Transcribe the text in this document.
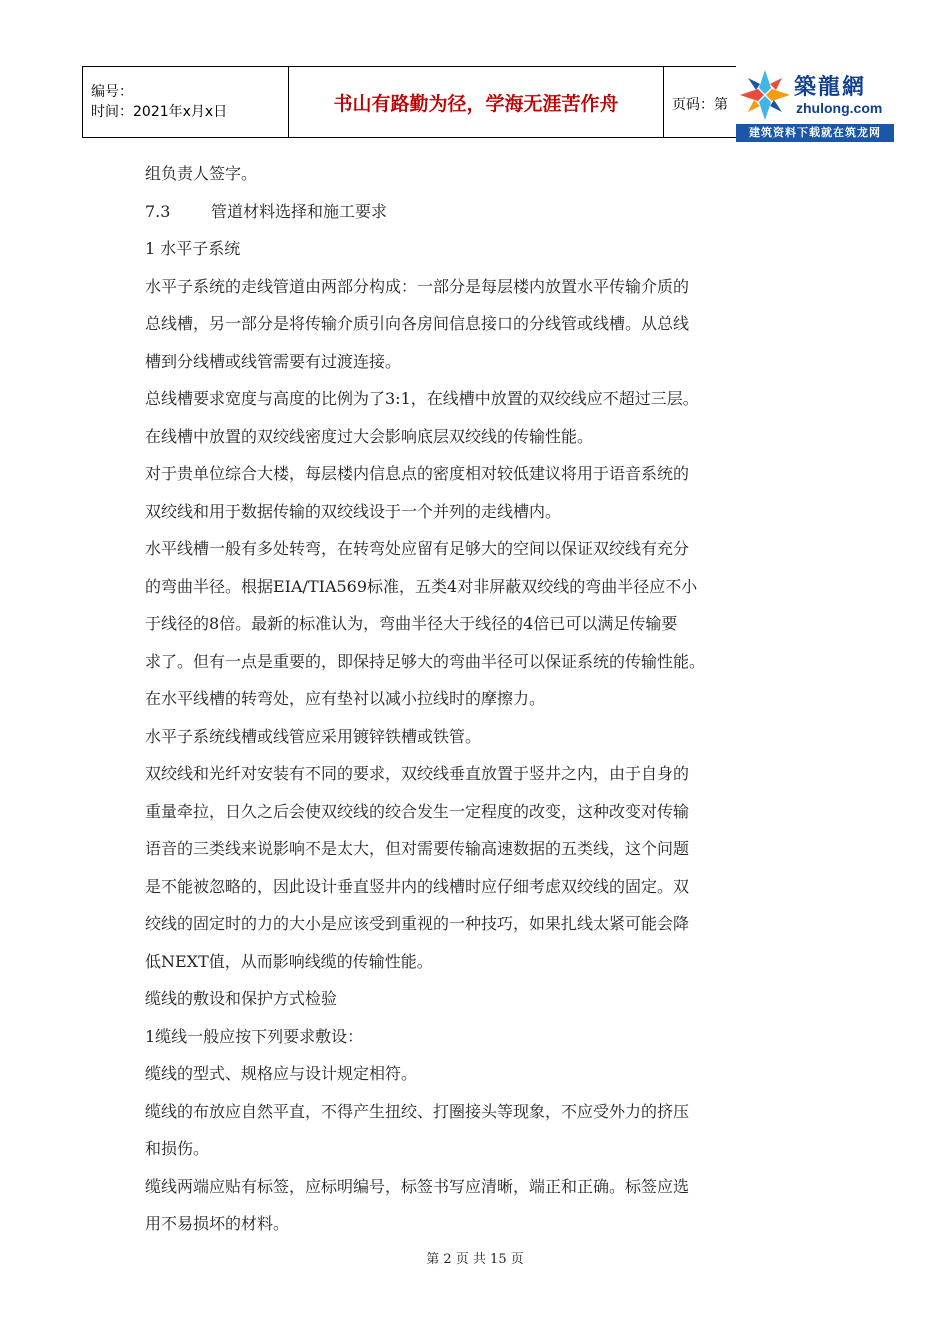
编号：
时间：2021年x月x日	书山有路勤为径，学海无涯苦作舟	页码：第
築龍網
zhulong.com
建筑资料下载就在筑龙网

组负责人签字。

7.3	管道材料选择和施工要求

1 水平子系统

水平子系统的走线管道由两部分构成：一部分是每层楼内放置水平传输介质的

总线槽，另一部分是将传输介质引向各房间信息接口的分线管或线槽。从总线

槽到分线槽或线管需要有过渡连接。

总线槽要求宽度与高度的比例为了3:1，在线槽中放置的双绞线应不超过三层。

在线槽中放置的双绞线密度过大会影响底层双绞线的传输性能。

对于贵单位综合大楼，每层楼内信息点的密度相对较低建议将用于语音系统的

双绞线和用于数据传输的双绞线设于一个并列的走线槽内。

水平线槽一般有多处转弯，在转弯处应留有足够大的空间以保证双绞线有充分

的弯曲半径。根据EIA/TIA569标准，五类4对非屏蔽双绞线的弯曲半径应不小

于线径的8倍。最新的标准认为，弯曲半径大于线径的4倍已可以满足传输要

求了。但有一点是重要的，即保持足够大的弯曲半径可以保证系统的传输性能。

在水平线槽的转弯处，应有垫衬以减小拉线时的摩擦力。

水平子系统线槽或线管应采用镀锌铁槽或铁管。

双绞线和光纤对安装有不同的要求，双绞线垂直放置于竖井之内，由于自身的

重量牵拉，日久之后会使双绞线的绞合发生一定程度的改变，这种改变对传输

语音的三类线来说影响不是太大，但对需要传输高速数据的五类线，这个问题

是不能被忽略的，因此设计垂直竖井内的线槽时应仔细考虑双绞线的固定。双

绞线的固定时的力的大小是应该受到重视的一种技巧，如果扎线太紧可能会降

低NEXT值，从而影响线缆的传输性能。

缆线的敷设和保护方式检验

1缆线一般应按下列要求敷设：

缆线的型式、规格应与设计规定相符。

缆线的布放应自然平直，不得产生扭绞、打圈接头等现象，不应受外力的挤压

和损伤。

缆线两端应贴有标签，应标明编号，标签书写应清晰，端正和正确。标签应选

用不易损坏的材料。

第 2 页 共 15 页
